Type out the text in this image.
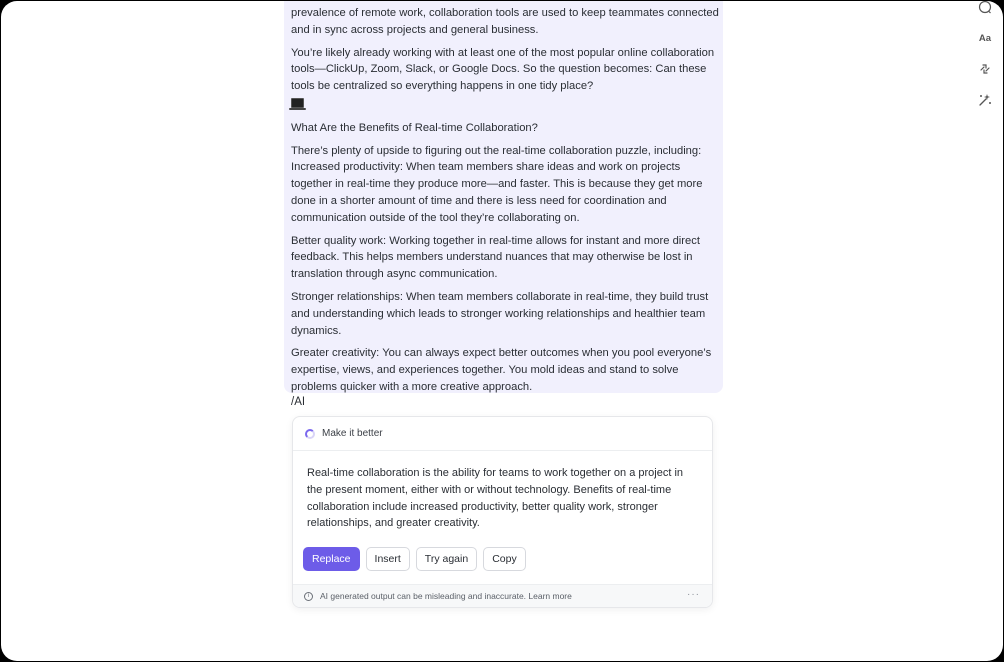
prevalence of remote work, collaboration tools are used to keep teammates connected and in sync across projects and general business.

You’re likely already working with at least one of the most popular online collaboration tools—ClickUp, Zoom, Slack, or Google Docs. So the question becomes: Can these tools be centralized so everything happens in one tidy place?

What Are the Benefits of Real-time Collaboration?

There’s plenty of upside to figuring out the real-time collaboration puzzle, including: Increased productivity: When team members share ideas and work on projects together in real-time they produce more—and faster. This is because they get more done in a shorter amount of time and there is less need for coordination and communication outside of the tool they’re collaborating on.

Better quality work: Working together in real-time allows for instant and more direct feedback. This helps members understand nuances that may otherwise be lost in translation through async communication.

Stronger relationships: When team members collaborate in real-time, they build trust and understanding which leads to stronger working relationships and healthier team dynamics.

Greater creativity: You can always expect better outcomes when you pool everyone’s expertise, views, and experiences together. You mold ideas and stand to solve problems quicker with a more creative approach.

/AI
Make it better
Real-time collaboration is the ability for teams to work together on a project in the present moment, either with or without technology. Benefits of real-time collaboration include increased productivity, better quality work, stronger relationships, and greater creativity.
Replace	Insert	Try again	Copy
i	AI generated output can be misleading and inaccurate. Learn more	···
Aa
